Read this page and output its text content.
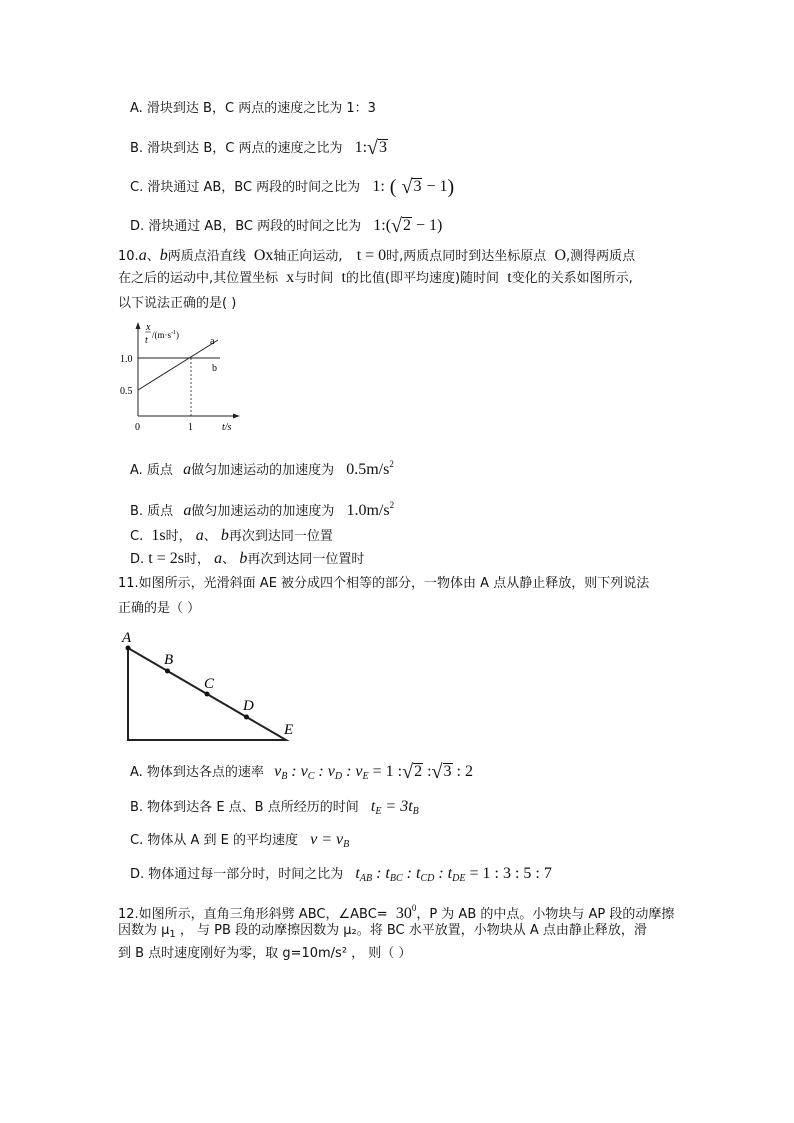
A. 滑块到达 B，C 两点的速度之比为 1：3
B. 滑块到达 B，C 两点的速度之比为 1:√3
C. 滑块通过 AB，BC 两段的时间之比为 1: ( √3 − 1)
D. 滑块通过 AB，BC 两段的时间之比为 1:(√2 − 1)
10.a、b两质点沿直线 Ox轴正向运动, t = 0时,两质点同时到达坐标原点 O,测得两质点
在之后的运动中,其位置坐标 x与时间 t的比值(即平均速度)随时间 t变化的关系如图所示,
以下说法正确的是( )
x
t $/(m\cdot s^{-1})$
1.0
0.5
0	1	t/s
a
b
A. 质点 a做匀加速运动的加速度为 $0.5m/s^2$
B. 质点 a做匀加速运动的加速度为 $1.0m/s^2$
C. 1s时， a、 b再次到达同一位置
D. t = 2s时， a、 b再次到达同一位置时
11.如图所示，光滑斜面 AE 被分成四个相等的部分，一物体由 A 点从静止释放，则下列说法
正确的是（ ）
A
B
C
D
E
A. 物体到达各点的速率 $v_B$ : $v_C$ : $v_D$ : $v_E = 1$ :√2 :√3 : 2
B. 物体到达各 E 点、B 点所经历的时间 $t_E = 3t_B$
C. 物体从 A 到 E 的平均速度 $v = v_B$
D. 物体通过每一部分时，时间之比为 $t_{AB}$ : $t_{BC}$ : $t_{CD}$ : $t_{DE} = 1$ : 3 : 5 : 7
12.如图所示，直角三角形斜劈 ABC，∠ABC= $30^0$，P 为 AB 的中点。小物块与 AP 段的动摩擦
因数为 $\mu_1$ ， 与 PB 段的动摩擦因数为 μ₂。将 BC 水平放置，小物块从 A 点由静止释放，滑
到 B 点时速度刚好为零，取 g=10m/s² ， 则（ ）
